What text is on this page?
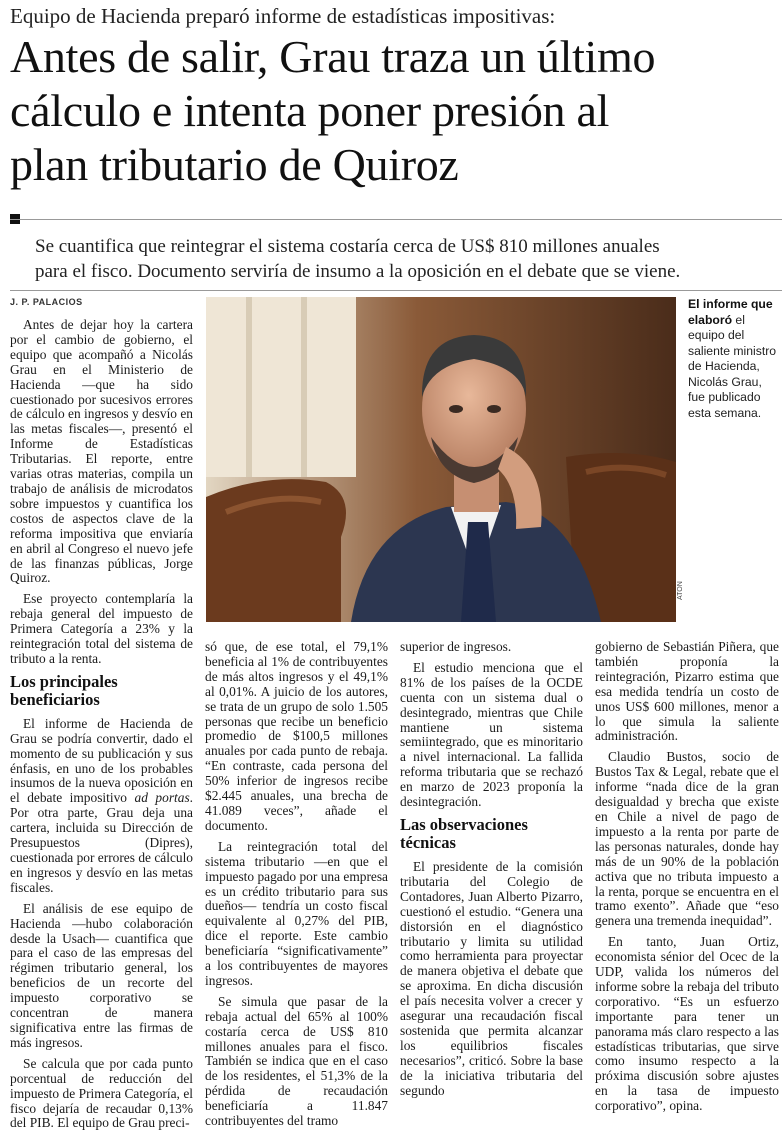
Equipo de Hacienda preparó informe de estadísticas impositivas:
Antes de salir, Grau traza un último
cálculo e intenta poner presión al
plan tributario de Quiroz
Se cuantifica que reintegrar el sistema costaría cerca de US$ 810 millones anuales
para el fisco. Documento serviría de insumo a la oposición en el debate que se viene.
J. P. PALACIOS
ATON
El informe que elaboró el equipo del saliente ministro de Hacienda, Nicolás Grau, fue publicado esta semana.

Antes de dejar hoy la cartera por el cambio de gobierno, el equipo que acompañó a Nicolás Grau en el Ministerio de Hacienda —que ha sido cuestionado por sucesivos errores de cálculo en ingresos y desvío en las metas fiscales—, presentó el Informe de Estadísticas Tributarias. El reporte, entre varias otras materias, compila un trabajo de análisis de microdatos sobre impuestos y cuantifica los costos de aspectos clave de la reforma impositiva que enviaría en abril al Congreso el nuevo jefe de las finanzas públicas, Jorge Quiroz.

Ese proyecto contemplaría la rebaja general del impuesto de Primera Categoría a 23% y la reintegración total del sistema de tributo a la renta.

Los principales beneficiarios

El informe de Hacienda de Grau se podría convertir, dado el momento de su publicación y sus énfasis, en uno de los probables insumos de la nueva oposición en el debate impositivo ad portas. Por otra parte, Grau deja una cartera, incluida su Dirección de Presupuestos (Dipres), cuestionada por errores de cálculo en ingresos y desvío en las metas fiscales.

El análisis de ese equipo de Hacienda —hubo colaboración desde la Usach— cuantifica que para el caso de las empresas del régimen tributario general, los beneficios de un recorte del impuesto corporativo se concentran de manera significativa entre las firmas de más ingresos.

Se calcula que por cada punto porcentual de reducción del impuesto de Primera Categoría, el fisco dejaría de recaudar 0,13% del PIB. El equipo de Grau preci-

só que, de ese total, el 79,1% beneficia al 1% de contribuyentes de más altos ingresos y el 49,1% al 0,01%. A juicio de los autores, se trata de un grupo de solo 1.505 personas que recibe un beneficio promedio de $100,5 millones anuales por cada punto de rebaja. “En contraste, cada persona del 50% inferior de ingresos recibe $2.445 anuales, una brecha de 41.089 veces”, añade el documento.

La reintegración total del sistema tributario —en que el impuesto pagado por una empresa es un crédito tributario para sus dueños— tendría un costo fiscal equivalente al 0,27% del PIB, dice el reporte. Este cambio beneficiaría “significativamente” a los contribuyentes de mayores ingresos.

Se simula que pasar de la rebaja actual del 65% al 100% costaría cerca de US$ 810 millones anuales para el fisco. También se indica que en el caso de los residentes, el 51,3% de la pérdida de recaudación beneficiaría a 11.847 contribuyentes del tramo

superior de ingresos.

El estudio menciona que el 81% de los países de la OCDE cuenta con un sistema dual o desintegrado, mientras que Chile mantiene un sistema semiintegrado, que es minoritario a nivel internacional. La fallida reforma tributaria que se rechazó en marzo de 2023 proponía la desintegración.

Las observaciones técnicas

El presidente de la comisión tributaria del Colegio de Contadores, Juan Alberto Pizarro, cuestionó el estudio. “Genera una distorsión en el diagnóstico tributario y limita su utilidad como herramienta para proyectar de manera objetiva el debate que se aproxima. En dicha discusión el país necesita volver a crecer y asegurar una recaudación fiscal sostenida que permita alcanzar los equilibrios fiscales necesarios”, criticó. Sobre la base de la iniciativa tributaria del segundo

gobierno de Sebastián Piñera, que también proponía la reintegración, Pizarro estima que esa medida tendría un costo de unos US$ 600 millones, menor a lo que simula la saliente administración.

Claudio Bustos, socio de Bustos Tax & Legal, rebate que el informe “nada dice de la gran desigualdad y brecha que existe en Chile a nivel de pago de impuesto a la renta por parte de las personas naturales, donde hay más de un 90% de la población activa que no tributa impuesto a la renta, porque se encuentra en el tramo exento”. Añade que “eso genera una tremenda inequidad”.

En tanto, Juan Ortiz, economista sénior del Ocec de la UDP, valida los números del informe sobre la rebaja del tributo corporativo. “Es un esfuerzo importante para tener un panorama más claro respecto a las estadísticas tributarias, que sirve como insumo respecto a la próxima discusión sobre ajustes en la tasa de impuesto corporativo”, opina.
